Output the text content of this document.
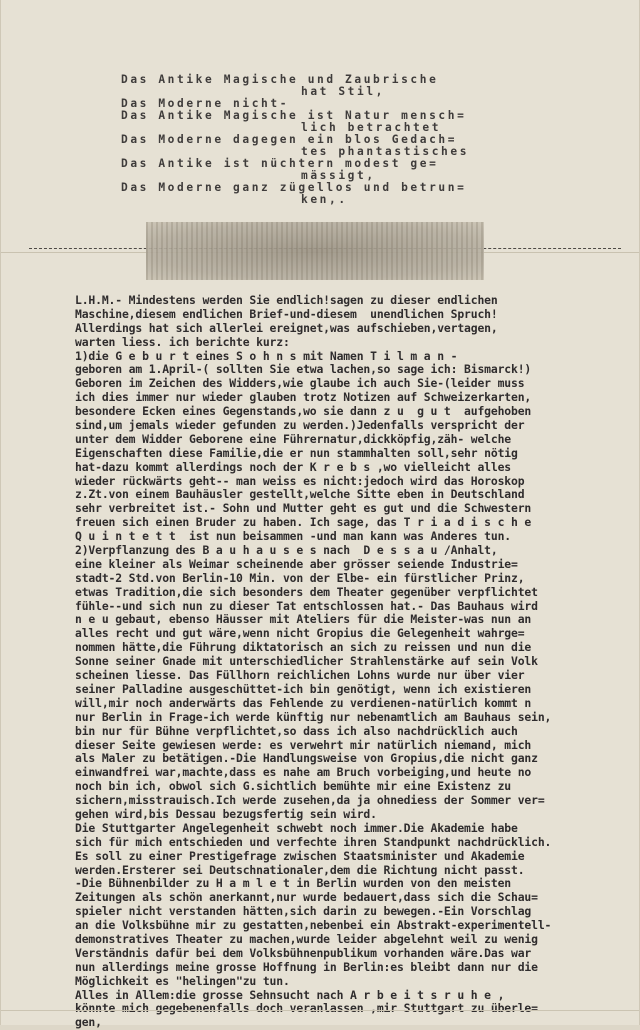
Das Antike Magische und Zaubrische
hat Stil,
Das Moderne nicht-
Das Antike Magische ist Natur mensch=
lich betrachtet
Das Moderne dagegen ein blos Gedach=
tes phantastisches
Das Antike ist nüchtern modest ge=
mässigt,
Das Moderne ganz zügellos und betrun=
ken,.
L.H.M.- Mindestens werden Sie endlich!sagen zu dieser endlichen
Maschine,diesem endlichen Brief-und-diesem  unendlichen Spruch!
Allerdings hat sich allerlei ereignet,was aufschieben,vertagen,
warten liess. ich berichte kurz:
1)die G e b u r t eines S o h n s mit Namen T i l m a n -
geboren am 1.April-( sollten Sie etwa lachen,so sage ich: Bismarck!)
Geboren im Zeichen des Widders,wie glaube ich auch Sie-(leider muss
ich dies immer nur wieder glauben trotz Notizen auf Schweizerkarten,
besondere Ecken eines Gegenstands,wo sie dann z u  g u t  aufgehoben
sind,um jemals wieder gefunden zu werden.)Jedenfalls verspricht der
unter dem Widder Geborene eine Führernatur,dickköpfig,zäh- welche
Eigenschaften diese Familie,die er nun stammhalten soll,sehr nötig
hat-dazu kommt allerdings noch der K r e b s ,wo vielleicht alles
wieder rückwärts geht-- man weiss es nicht:jedoch wird das Horoskop
z.Zt.von einem Bauhäusler gestellt,welche Sitte eben in Deutschland
sehr verbreitet ist.- Sohn und Mutter geht es gut und die Schwestern
freuen sich einen Bruder zu haben. Ich sage, das T r i a d i s c h e
Q u i n t e t t  ist nun beisammen -und man kann was Anderes tun.
2)Verpflanzung des B a u h a u s e s nach  D e s s a u /Anhalt,
eine kleiner als Weimar scheinende aber grösser seiende Industrie=
stadt-2 Std.von Berlin-10 Min. von der Elbe- ein fürstlicher Prinz,
etwas Tradition,die sich besonders dem Theater gegenüber verpflichtet
fühle--und sich nun zu dieser Tat entschlossen hat.- Das Bauhaus wird
n e u gebaut, ebenso Häusser mit Ateliers für die Meister-was nun an
alles recht und gut wäre,wenn nicht Gropius die Gelegenheit wahrge=
nommen hätte,die Führung diktatorisch an sich zu reissen und nun die
Sonne seiner Gnade mit unterschiedlicher Strahlenstärke auf sein Volk
scheinen liesse. Das Füllhorn reichlichen Lohns wurde nur über vier
seiner Palladine ausgeschüttet-ich bin genötigt, wenn ich existieren
will,mir noch anderwärts das Fehlende zu verdienen-natürlich kommt n
nur Berlin in Frage-ich werde künftig nur nebenamtlich am Bauhaus sein,
bin nur für Bühne verpflichtet,so dass ich also nachdrücklich auch
dieser Seite gewiesen werde: es verwehrt mir natürlich niemand, mich
als Maler zu betätigen.-Die Handlungsweise von Gropius,die nicht ganz
einwandfrei war,machte,dass es nahe am Bruch vorbeiging,und heute no
noch bin ich, obwol sich G.sichtlich bemühte mir eine Existenz zu
sichern,misstrauisch.Ich werde zusehen,da ja ohnediess der Sommer ver=
gehen wird,bis Dessau bezugsfertig sein wird.
Die Stuttgarter Angelegenheit schwebt noch immer.Die Akademie habe
sich für mich entschieden und verfechte ihren Standpunkt nachdrücklich.
Es soll zu einer Prestigefrage zwischen Staatsminister und Akademie
werden.Ersterer sei Deutschnationaler,dem die Richtung nicht passt.
-Die Bühnenbilder zu H a m l e t in Berlin wurden von den meisten
Zeitungen als schön anerkannt,nur wurde bedauert,dass sich die Schau=
spieler nicht verstanden hätten,sich darin zu bewegen.-Ein Vorschlag
an die Volksbühne mir zu gestatten,nebenbei ein Abstrakt-experimentell-
demonstratives Theater zu machen,wurde leider abgelehnt weil zu wenig
Verständnis dafür bei dem Volksbühnenpublikum vorhanden wäre.Das war
nun allerdings meine grosse Hoffnung in Berlin:es bleibt dann nur die
Möglichkeit es "helingen"zu tun.
Alles in Allem:die grosse Sehnsucht nach A r b e i t s r u h e ,
könnte mich gegebenenfalls doch veranlassen ,mir Stuttgart zu überle=
gen,
